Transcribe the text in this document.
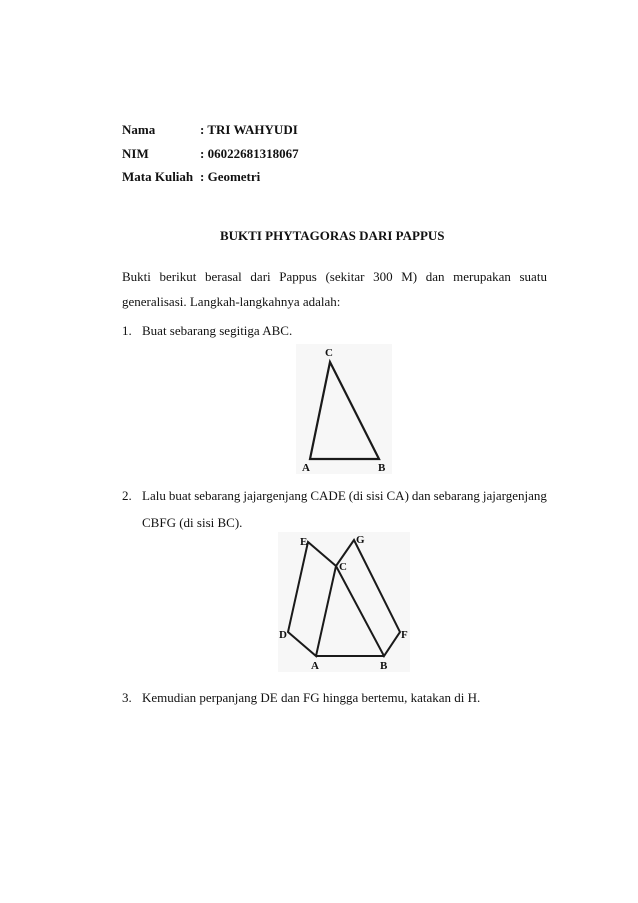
Nama	: TRI WAHYUDI
NIM	: 06022681318067
Mata Kuliah : Geometri
BUKTI PHYTAGORAS DARI PAPPUS
Bukti berikut berasal dari Pappus (sekitar 300 M) dan merupakan suatu
generalisasi. Langkah-langkahnya adalah:
1. Buat sebarang segitiga ABC.
C
A	B
2. Lalu buat sebarang jajargenjang CADE (di sisi CA) dan sebarang jajargenjang
CBFG (di sisi BC).
E	G
C
D	F
A	B
3. Kemudian perpanjang DE dan FG hingga bertemu, katakan di H.
